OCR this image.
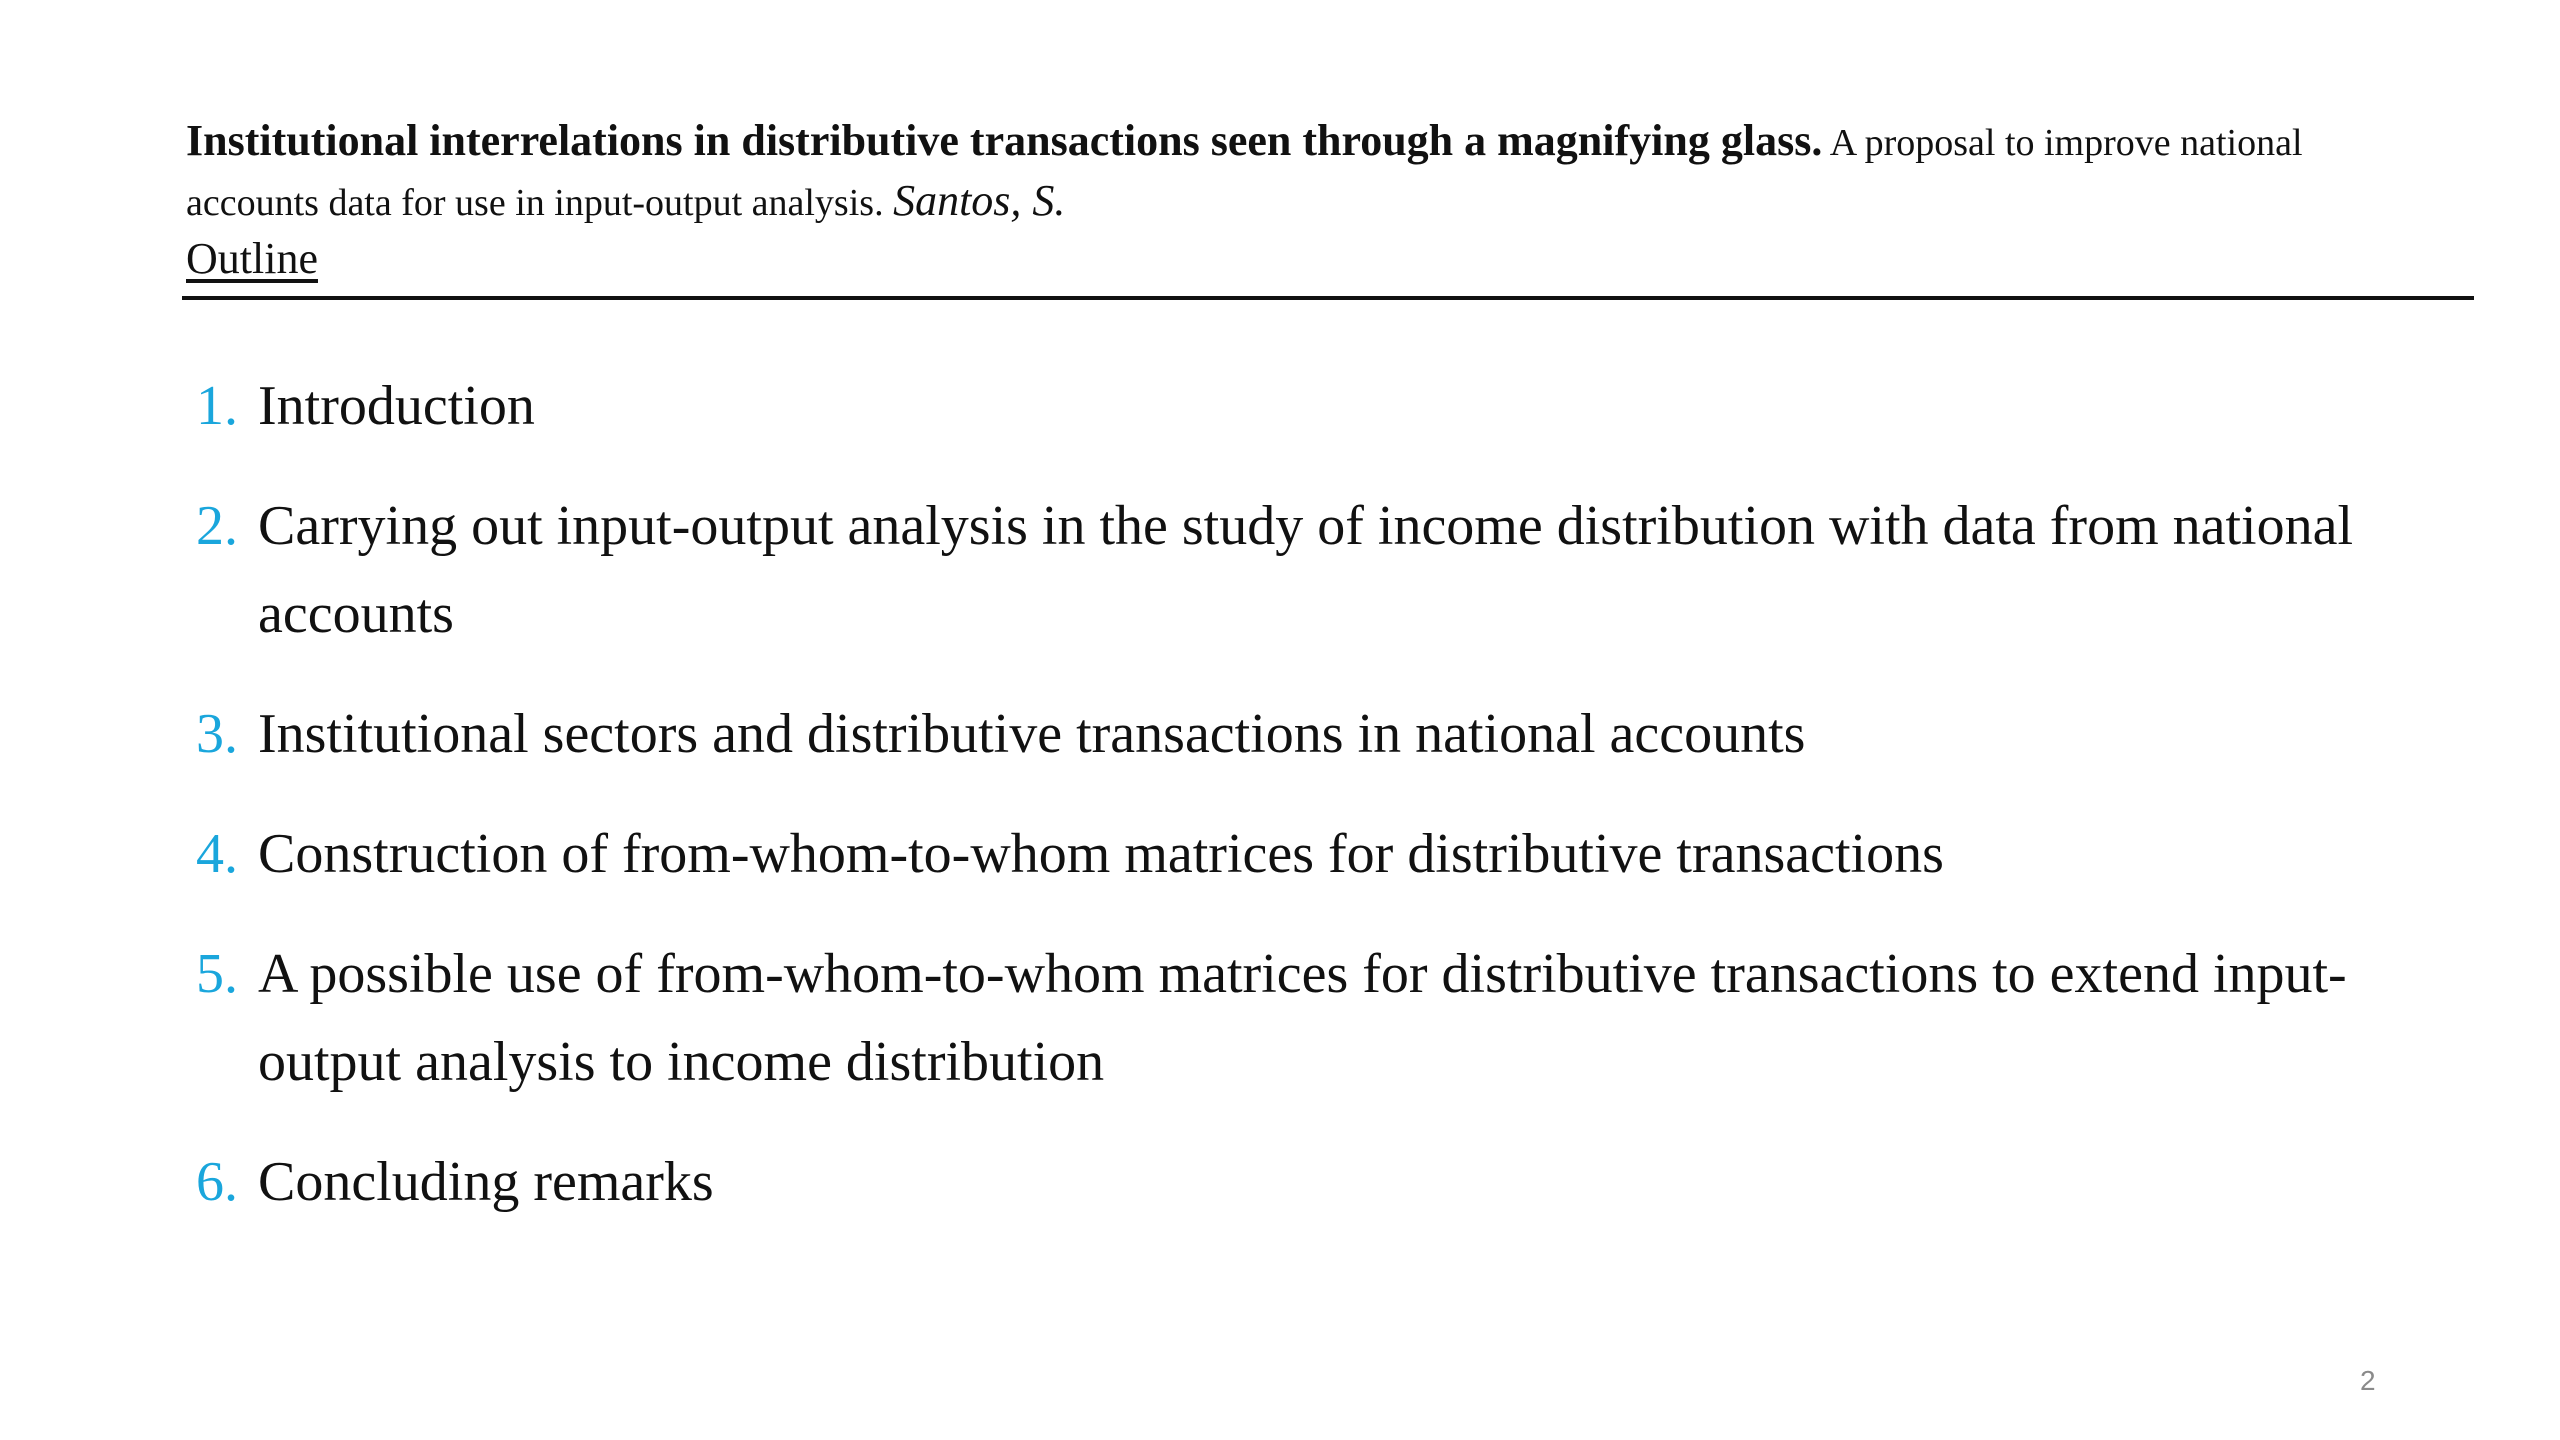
Institutional interrelations in distributive transactions seen through a magnifying glass. A proposal to improve national accounts data for use in input-output analysis. Santos, S.
Outline
1. Introduction
2. Carrying out input-output analysis in the study of income distribution with data from national accounts
3. Institutional sectors and distributive transactions in national accounts
4. Construction of from-whom-to-whom matrices for distributive transactions
5. A possible use of from-whom-to-whom matrices for distributive transactions to extend input-output analysis to income distribution
6. Concluding remarks
2
